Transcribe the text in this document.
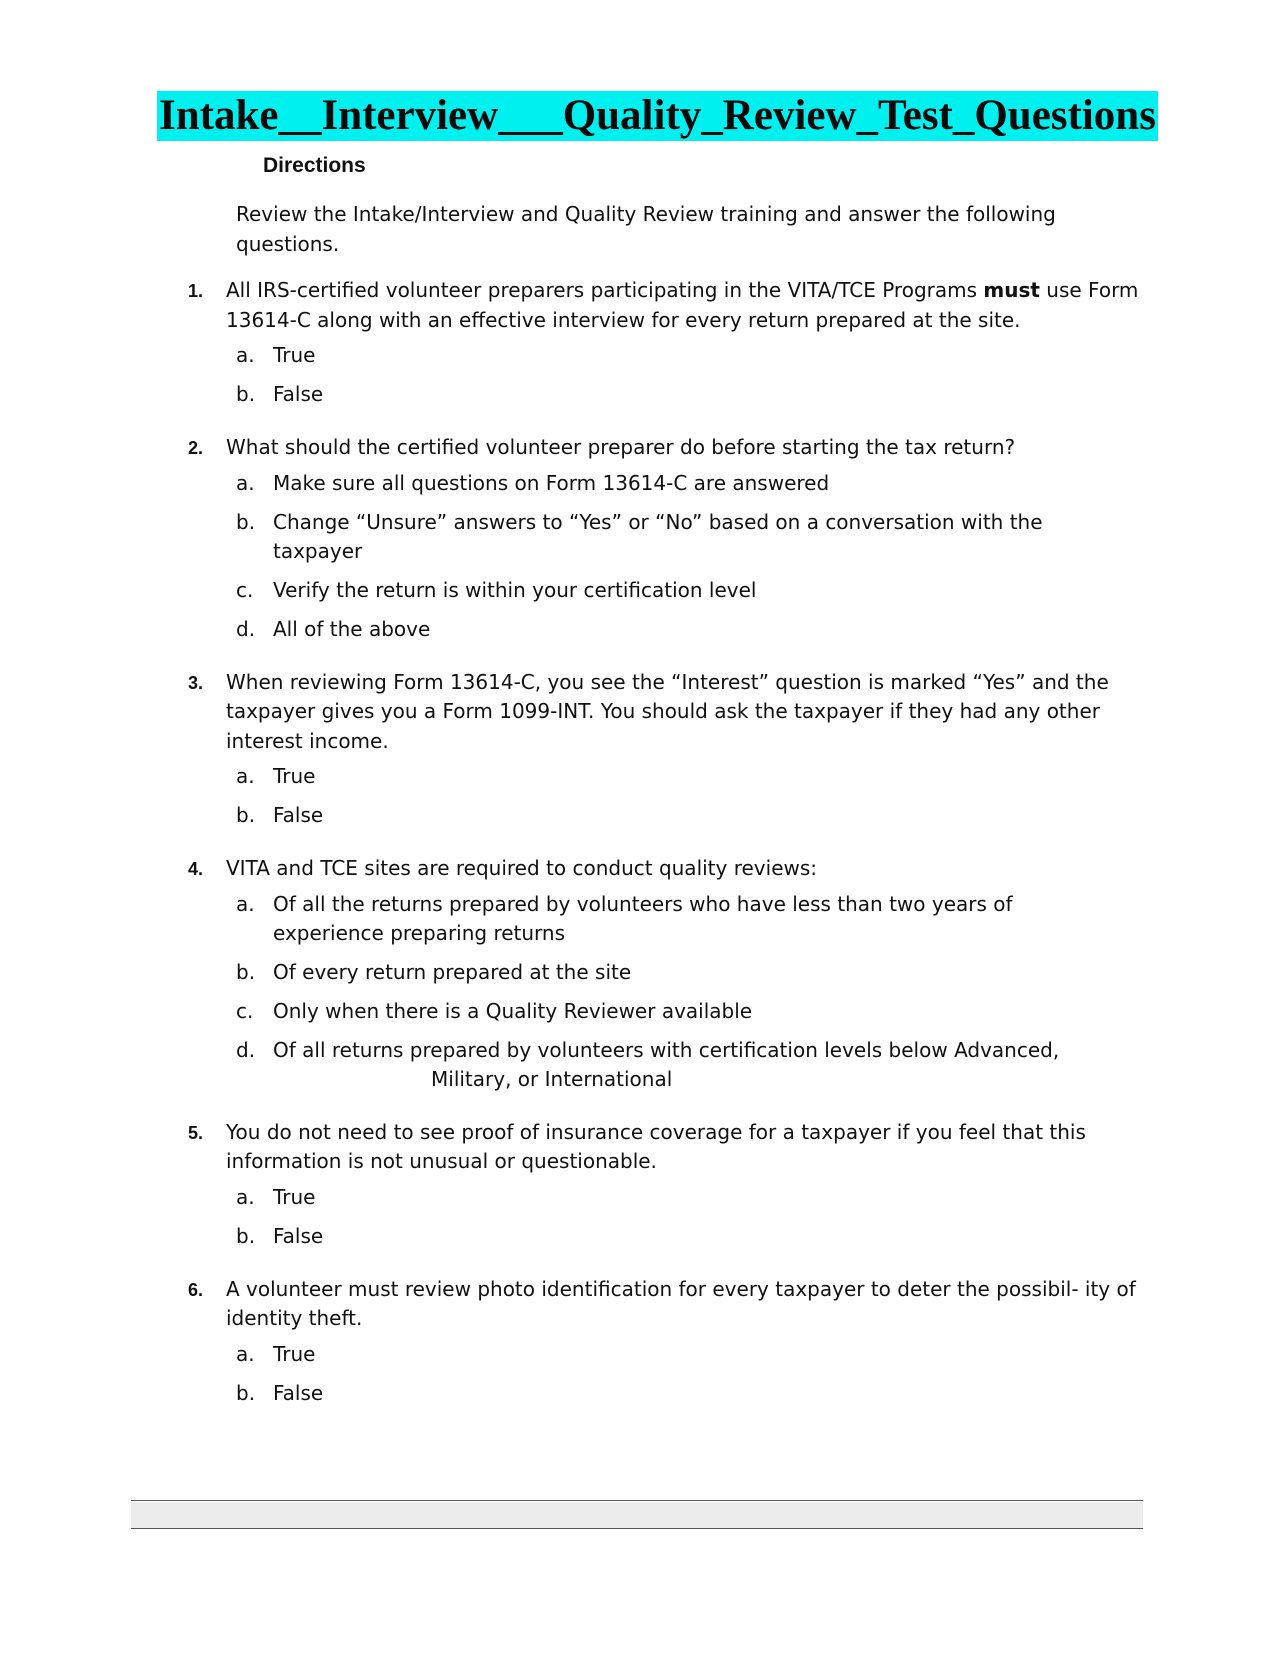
Intake__Interview___Quality_Review_Test_Questions
Directions
Review the Intake/Interview and Quality Review training and answer the following questions.
1. All IRS-certified volunteer preparers participating in the VITA/TCE Programs must use Form 13614-C along with an effective interview for every return prepared at the site.
a. True
b. False
2. What should the certified volunteer preparer do before starting the tax return?
a. Make sure all questions on Form 13614-C are answered
b. Change “Unsure” answers to “Yes” or “No” based on a conversation with the taxpayer
c. Verify the return is within your certification level
d. All of the above
3. When reviewing Form 13614-C, you see the “Interest” question is marked “Yes” and the taxpayer gives you a Form 1099-INT. You should ask the taxpayer if they had any other interest income.
a. True
b. False
4. VITA and TCE sites are required to conduct quality reviews:
a. Of all the returns prepared by volunteers who have less than two years of experience preparing returns
b. Of every return prepared at the site
c. Only when there is a Quality Reviewer available
d. Of all returns prepared by volunteers with certification levels below Advanced,
Military, or International
5. You do not need to see proof of insurance coverage for a taxpayer if you feel that this information is not unusual or questionable.
a. True
b. False
6. A volunteer must review photo identification for every taxpayer to deter the possibil- ity of identity theft.
a. True
b. False
